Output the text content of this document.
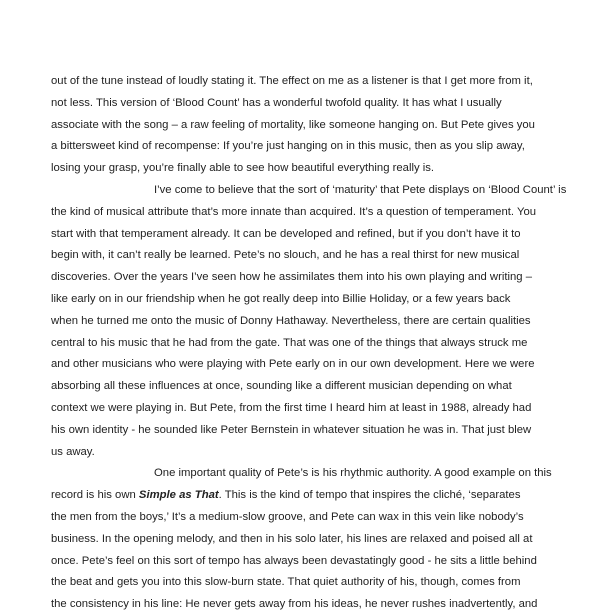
out of the tune instead of loudly stating it. The effect on me as a listener is that I get more from it,
not less. This version of ‘Blood Count’ has a wonderful twofold quality. It has what I usually
associate with the song – a raw feeling of mortality, like someone hanging on. But Pete gives you
a bittersweet kind of recompense: If you’re just hanging on in this music, then as you slip away,
losing your grasp, you’re finally able to see how beautiful everything really is.

I’ve come to believe that the sort of ‘maturity’ that Pete displays on ‘Blood Count’ is
the kind of musical attribute that’s more innate than acquired. It’s a question of temperament. You
start with that temperament already. It can be developed and refined, but if you don’t have it to
begin with, it can’t really be learned. Pete’s no slouch, and he has a real thirst for new musical
discoveries. Over the years I’ve seen how he assimilates them into his own playing and writing –
like early on in our friendship when he got really deep into Billie Holiday, or a few years back
when he turned me onto the music of Donny Hathaway. Nevertheless, there are certain qualities
central to his music that he had from the gate. That was one of the things that always struck me
and other musicians who were playing with Pete early on in our own development. Here we were
absorbing all these influences at once, sounding like a different musician depending on what
context we were playing in. But Pete, from the first time I heard him at least in 1988, already had
his own identity - he sounded like Peter Bernstein in whatever situation he was in. That just blew
us away.

One important quality of Pete’s is his rhythmic authority. A good example on this
record is his own Simple as That. This is the kind of tempo that inspires the cliché, ‘separates
the men from the boys,’ It’s a medium-slow groove, and Pete can wax in this vein like nobody’s
business. In the opening melody, and then in his solo later, his lines are relaxed and poised all at
once. Pete’s feel on this sort of tempo has always been devastatingly good - he sits a little behind
the beat and gets you into this slow-burn state. That quiet authority of his, though, comes from
the consistency in his line: He never gets away from his ideas, he never rushes inadvertently, and
